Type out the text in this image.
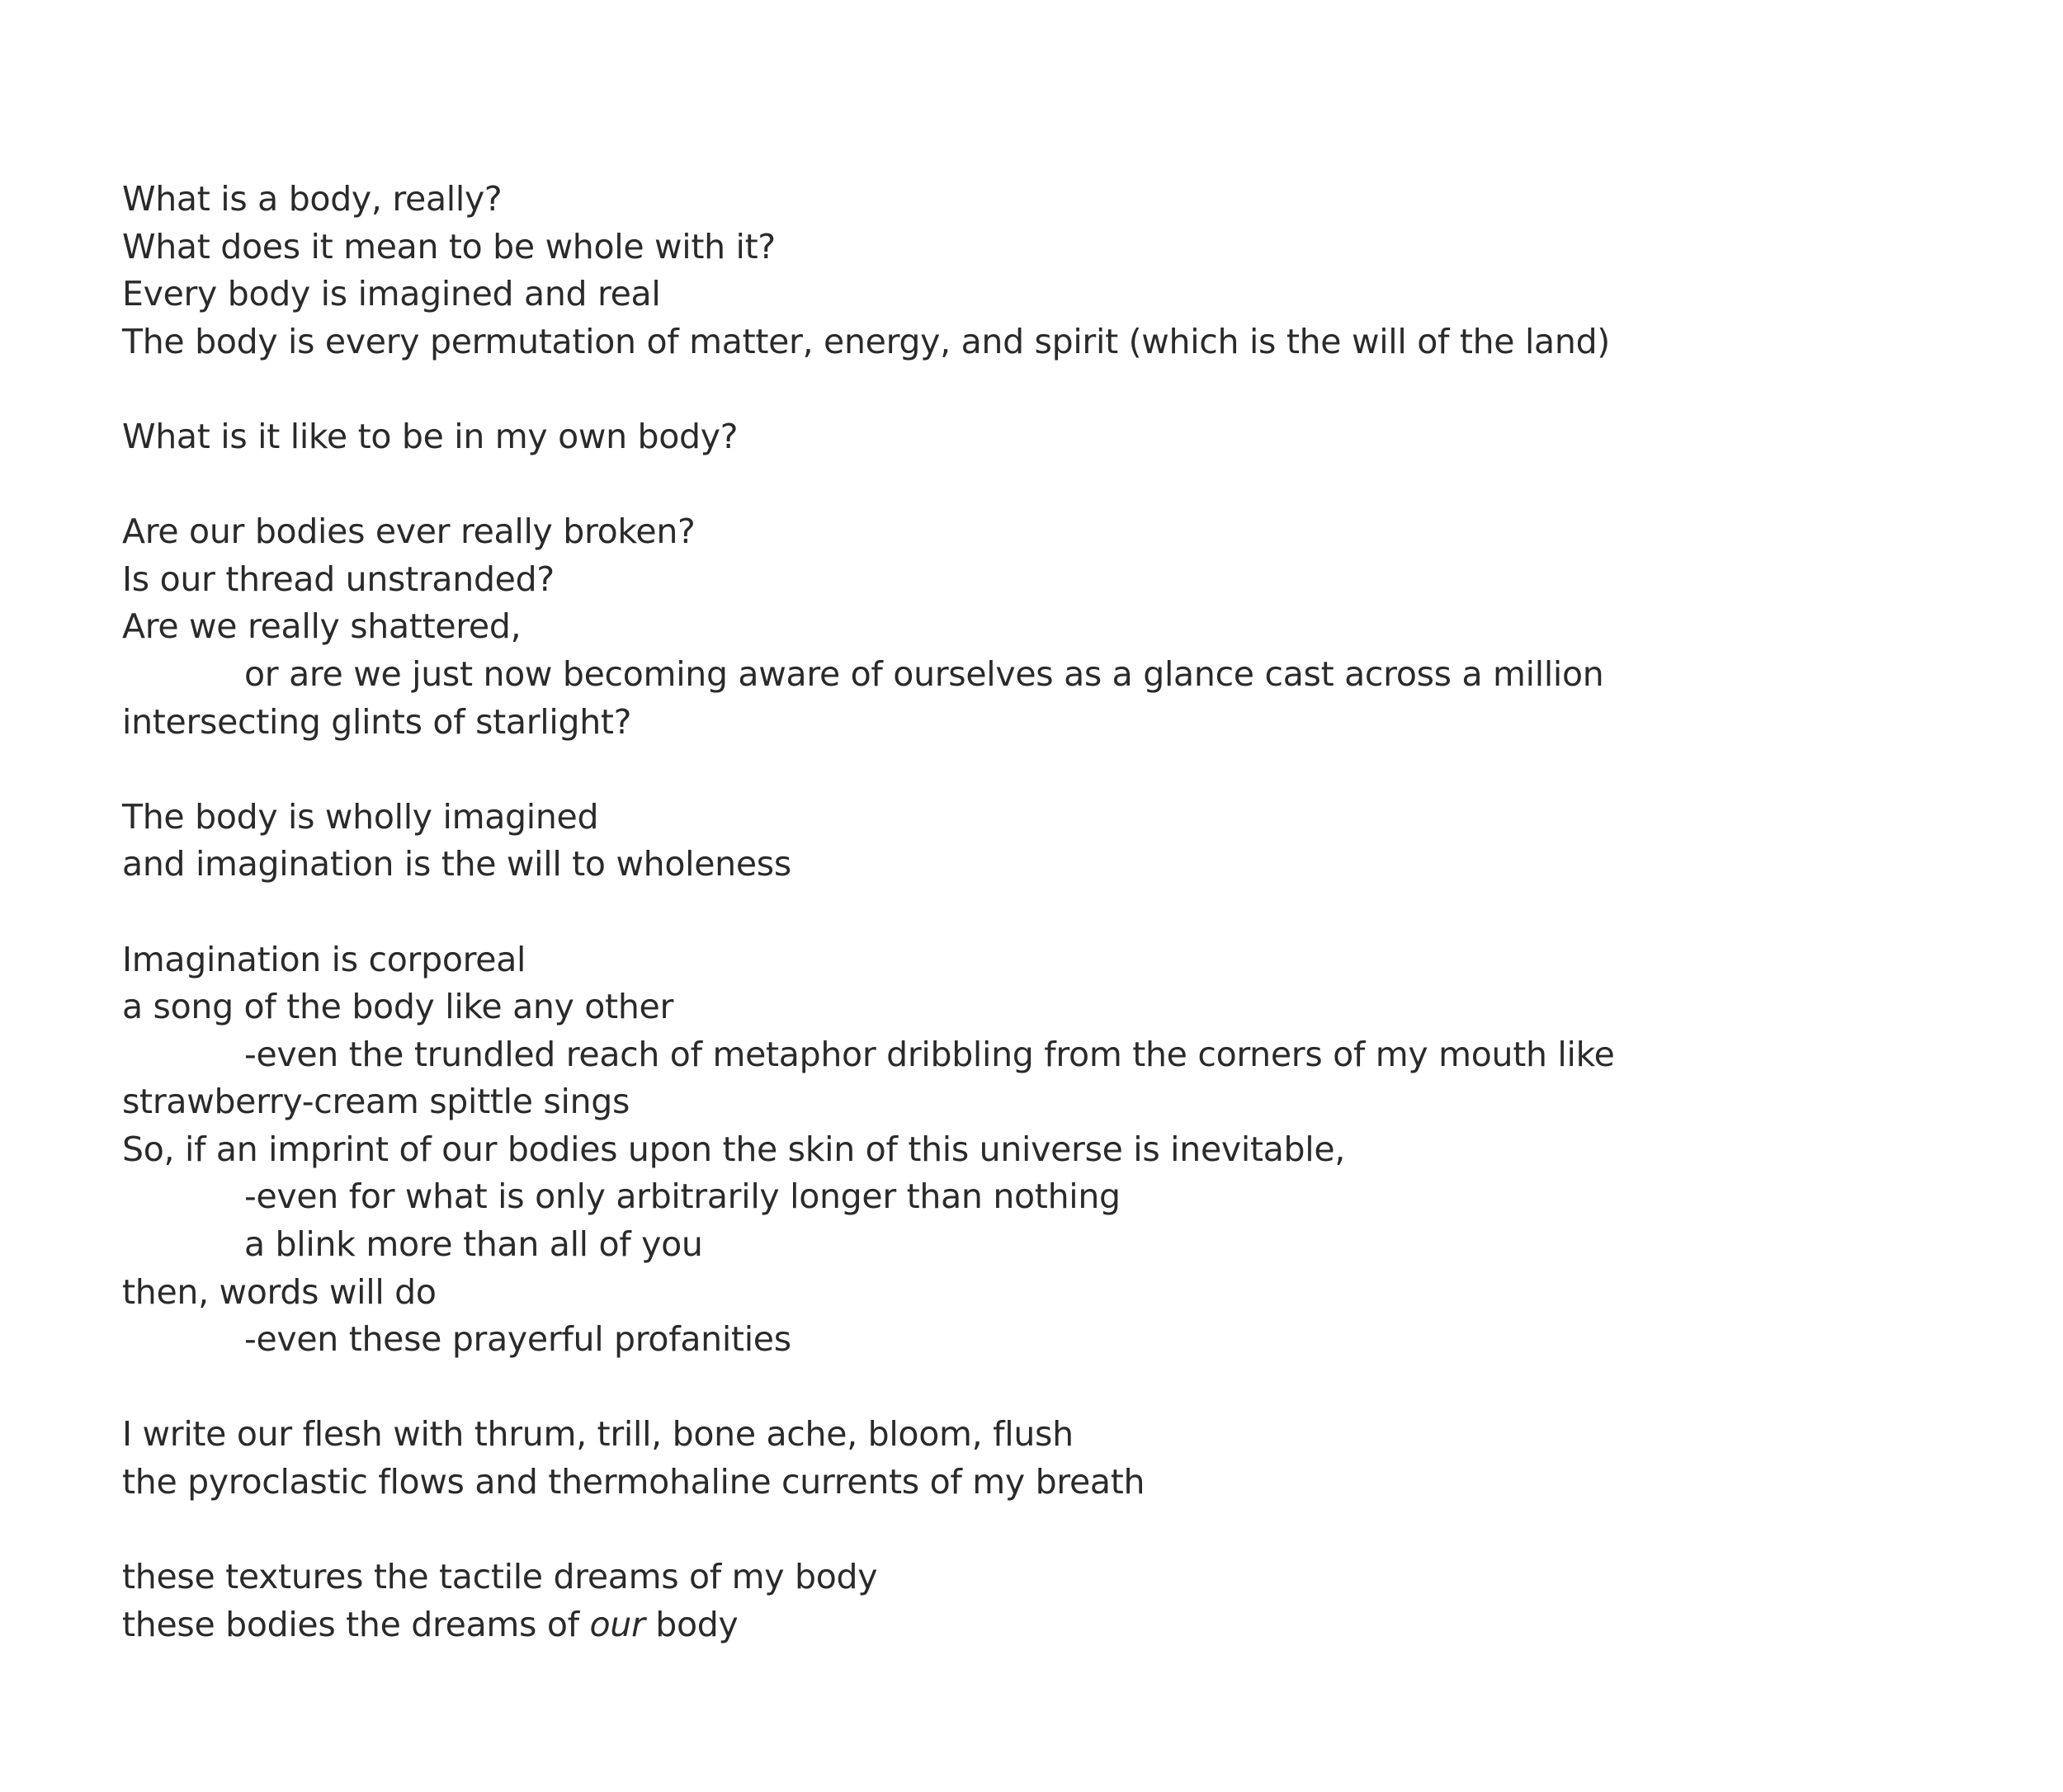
What is a body, really?
What does it mean to be whole with it?
Every body is imagined and real
The body is every permutation of matter, energy, and spirit (which is the will of the land)
What is it like to be in my own body?
Are our bodies ever really broken?
Is our thread unstranded?
Are we really shattered,
or are we just now becoming aware of ourselves as a glance cast across a million
intersecting glints of starlight?
The body is wholly imagined
and imagination is the will to wholeness
Imagination is corporeal
a song of the body like any other
-even the trundled reach of metaphor dribbling from the corners of my mouth like
strawberry-cream spittle sings
So, if an imprint of our bodies upon the skin of this universe is inevitable,
-even for what is only arbitrarily longer than nothing
a blink more than all of you
then, words will do
-even these prayerful profanities
I write our flesh with thrum, trill, bone ache, bloom, flush
the pyroclastic flows and thermohaline currents of my breath
these textures the tactile dreams of my body
these bodies the dreams of our body
